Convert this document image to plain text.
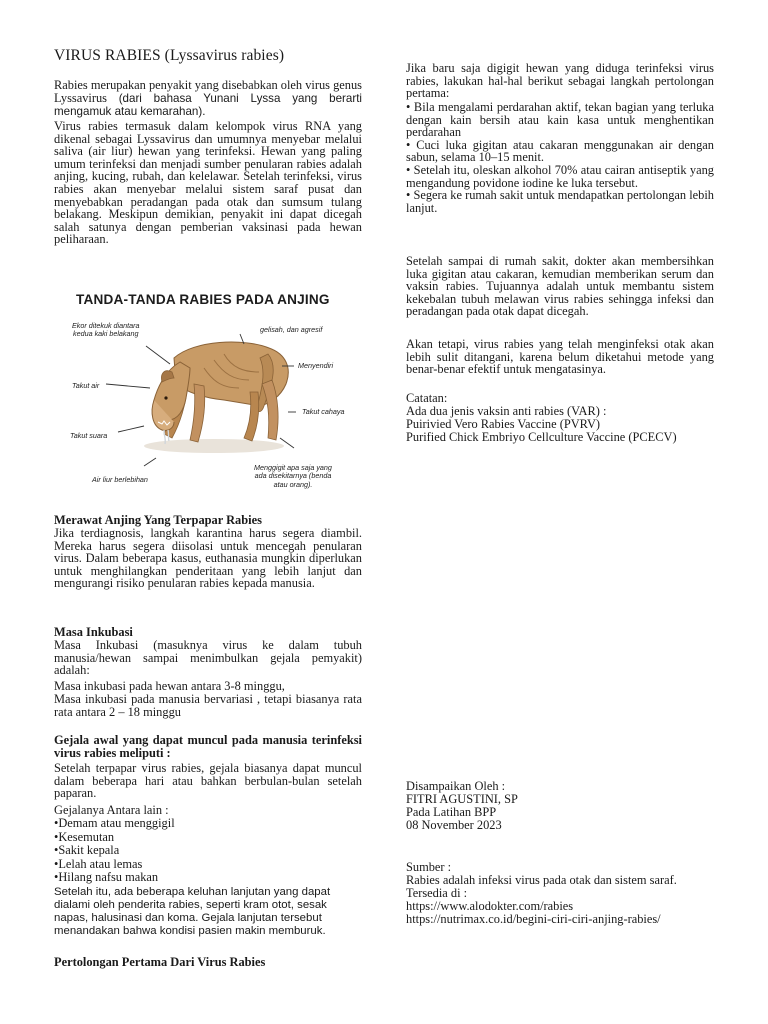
VIRUS RABIES (Lyssavirus rabies)

Rabies merupakan penyakit yang disebabkan oleh virus genus Lyssavirus (dari bahasa Yunani Lyssa yang berarti mengamuk atau kemarahan).

Virus rabies termasuk dalam kelompok virus RNA yang dikenal sebagai Lyssavirus dan umumnya menyebar melalui saliva (air liur) hewan yang terinfeksi. Hewan yang paling umum terinfeksi dan menjadi sumber penularan rabies adalah anjing, kucing, rubah, dan kelelawar. Setelah terinfeksi, virus rabies akan menyebar melalui sistem saraf pusat dan menyebabkan peradangan pada otak dan sumsum tulang belakang. Meskipun demikian, penyakit ini dapat dicegah salah satunya dengan pemberian vaksinasi pada hewan peliharaan.

TANDA-TANDA RABIES PADA ANJING
Ekor ditekuk diantara
kedua kaki belakang	gelisah, dan agresif
Menyendiri
Takut air
Takut cahaya
Takut suara
Menggigit apa saja yang
ada disekitarnya (benda
atau orang).
Air liur berlebihan
Merawat Anjing Yang Terpapar Rabies

Jika terdiagnosis, langkah karantina harus segera diambil. Mereka harus segera diisolasi untuk mencegah penularan virus. Dalam beberapa kasus, euthanasia mungkin diperlukan untuk menghilangkan penderitaan yang lebih lanjut dan mengurangi risiko penularan rabies kepada manusia.

Masa Inkubasi

Masa Inkubasi (masuknya virus ke dalam tubuh manusia/hewan sampai menimbulkan gejala pemyakit) adalah:

Masa inkubasi pada hewan antara 3-8 minggu,

Masa inkubasi pada manusia bervariasi , tetapi biasanya rata rata antara 2 – 18 minggu

Gejala awal yang dapat muncul pada manusia terinfeksi virus rabies meliputi :

Setelah terpapar virus rabies, gejala biasanya dapat muncul dalam beberapa hari atau bahkan berbulan-bulan setelah paparan.

Gejalanya Antara lain :
•Demam atau menggigil
•Kesemutan
•Sakit kepala
•Lelah atau lemas
•Hilang nafsu makan

Setelah itu, ada beberapa keluhan lanjutan yang dapat dialami oleh penderita rabies, seperti kram otot, sesak napas, halusinasi dan koma. Gejala lanjutan tersebut menandakan bahwa kondisi pasien makin memburuk.

Pertolongan Pertama Dari Virus Rabies

Jika baru saja digigit hewan yang diduga terinfeksi virus rabies, lakukan hal-hal berikut sebagai langkah pertolongan pertama:

• Bila mengalami perdarahan aktif, tekan bagian yang terluka dengan kain bersih atau kain kasa untuk menghentikan perdarahan
• Cuci luka gigitan atau cakaran menggunakan air dengan sabun, selama 10–15 menit.
• Setelah itu, oleskan alkohol 70% atau cairan antiseptik yang mengandung povidone iodine ke luka tersebut.
• Segera ke rumah sakit untuk mendapatkan pertolongan lebih lanjut.

Setelah sampai di rumah sakit, dokter akan membersihkan luka gigitan atau cakaran, kemudian memberikan serum dan vaksin rabies. Tujuannya adalah untuk membantu sistem kekebalan tubuh melawan virus rabies sehingga infeksi dan peradangan pada otak dapat dicegah.

Akan tetapi, virus rabies yang telah menginfeksi otak akan lebih sulit ditangani, karena belum diketahui metode yang benar-benar efektif untuk mengatasinya.

Catatan:
Ada dua jenis vaksin anti rabies (VAR) :
Puirivied Vero Rabies Vaccine (PVRV)
Purified Chick Embriyo Cellculture Vaccine (PCECV)
Disampaikan Oleh :
FITRI AGUSTINI, SP
Pada Latihan BPP
08 November 2023
Sumber :
Rabies adalah infeksi virus pada otak dan sistem saraf.
Tersedia di :
https://www.alodokter.com/rabies
https://nutrimax.co.id/begini-ciri-ciri-anjing-rabies/
